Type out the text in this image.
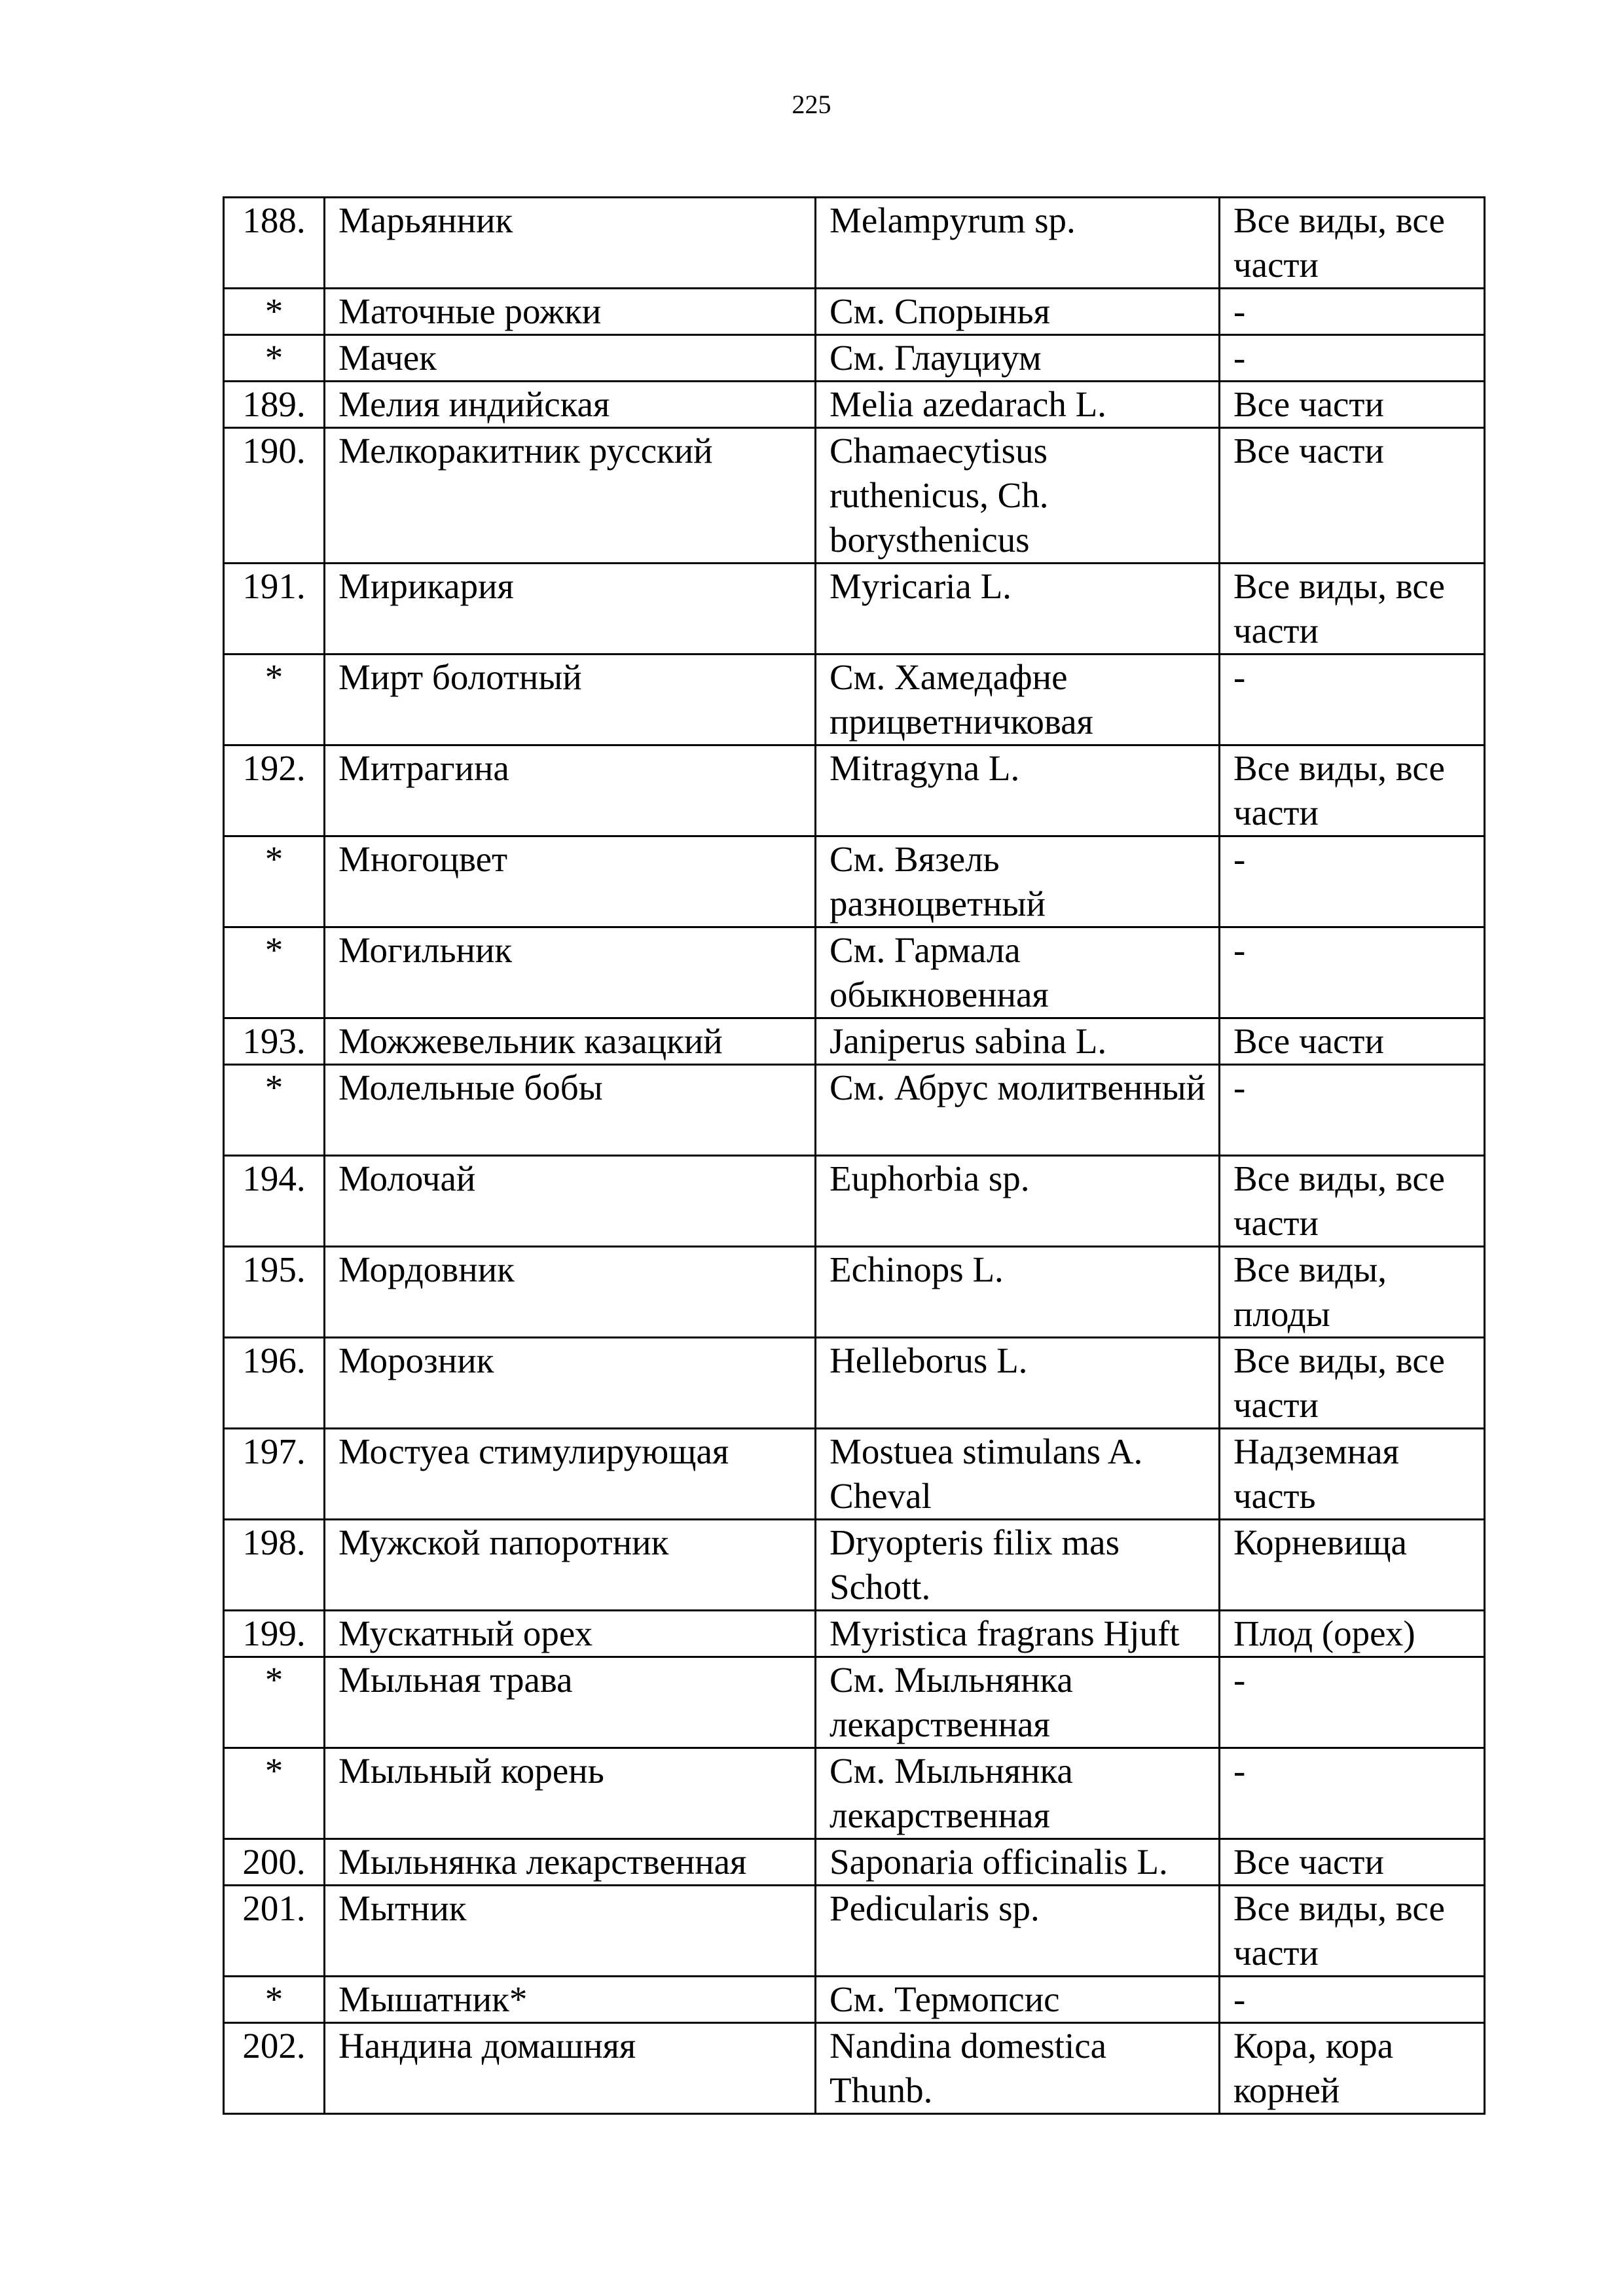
225
188.	Марьянник	Melampyrum sp.	Все виды, все части
*	Маточные рожки	См. Спорынья	-
*	Мачек	См. Глауциум	-
189.	Мелия индийская	Melia azedarach L.	Все части
190.	Мелкоракитник русский	Chamaecytisus ruthenicus, Ch. borysthenicus	Все части
191.	Мирикария	Myricaria L.	Все виды, все части
*	Мирт болотный	См. Хамедафне прицветничковая	-
192.	Митрагина	Mitragyna L.	Все виды, все части
*	Многоцвет	См. Вязель разноцветный	-
*	Могильник	См. Гармала обыкновенная	-
193.	Можжевельник казацкий	Janiperus sabina L.	Все части
*	Молельные бобы	См. Абрус молитвенный	-
194.	Молочай	Euphorbia sp.	Все виды, все части
195.	Мордовник	Echinops L.	Все виды, плоды
196.	Морозник	Helleborus L.	Все виды, все части
197.	Мостуеа стимулирующая	Mostuea stimulans A. Cheval	Надземная часть
198.	Мужской папоротник	Dryopteris filix mas Schott.	Корневища
199.	Мускатный орех	Myristica fragrans Hjuft	Плод (орех)
*	Мыльная трава	См. Мыльнянка лекарственная	-
*	Мыльный корень	См. Мыльнянка лекарственная	-
200.	Мыльнянка лекарственная	Saponaria officinalis L.	Все части
201.	Мытник	Pedicularis sp.	Все виды, все части
*	Мышатник*	См. Термопсис	-
202.	Нандина домашняя	Nandina domestica Thunb.	Кора, кора корней
